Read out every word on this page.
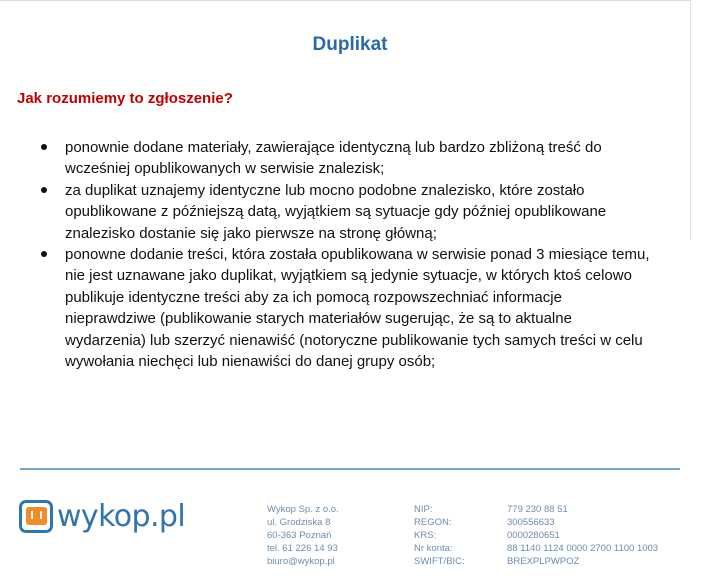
Duplikat
Jak rozumiemy to zgłoszenie?
ponownie dodane materiały, zawierające identyczną lub bardzo zbliżoną treść do
wcześniej opublikowanych w serwisie znalezisk;
za duplikat uznajemy identyczne lub mocno podobne znalezisko, które zostało
opublikowane z późniejszą datą, wyjątkiem są sytuacje gdy później opublikowane
znalezisko dostanie się jako pierwsze na stronę główną;
ponowne dodanie treści, która została opublikowana w serwisie ponad 3 miesiące temu,
nie jest uznawane jako duplikat, wyjątkiem są jedynie sytuacje, w których ktoś celowo
publikuje identyczne treści aby za ich pomocą rozpowszechniać informacje
nieprawdziwe (publikowanie starych materiałów sugerując, że są to aktualne
wydarzenia) lub szerzyć nienawiść (notoryczne publikowanie tych samych treści w celu
wywołania niechęci lub nienawiści do danej grupy osób;
wykop.pl	Wykop Sp. z o.o.
ul. Grodziska 8
60-363 Poznań
tel. 61 226 14 93
biuro@wykop.pl
NIP:
REGON:
KRS:
Nr konta:
SWIFT/BIC:
779 230 88 51
300556633
0000280651
88 1140 1124 0000 2700 1100 1003
BREXPLPWPOZ
